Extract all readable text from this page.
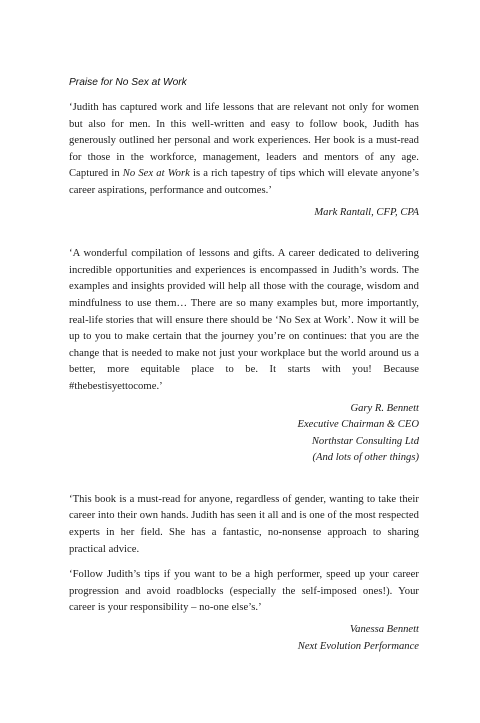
Praise for No Sex at Work

‘Judith has captured work and life lessons that are relevant not only for women but also for men. In this well-written and easy to follow book, Judith has generously outlined her personal and work experiences. Her book is a must-read for those in the workforce, management, leaders and mentors of any age. Captured in No Sex at Work is a rich tapestry of tips which will elevate anyone’s career aspirations, performance and outcomes.’

Mark Rantall, CFP, CPA

‘A wonderful compilation of lessons and gifts. A career dedicated to delivering incredible opportunities and experiences is encompassed in Judith’s words. The examples and insights provided will help all those with the courage, wisdom and mindfulness to use them… There are so many examples but, more importantly, real-life stories that will ensure there should be ‘No Sex at Work’. Now it will be up to you to make certain that the journey you’re on continues: that you are the change that is needed to make not just your workplace but the world around us a better, more equitable place to be. It starts with you! Because #thebestisyettocome.’

Gary R. Bennett

Executive Chairman & CEO

Northstar Consulting Ltd

(And lots of other things)

‘This book is a must-read for anyone, regardless of gender, wanting to take their career into their own hands. Judith has seen it all and is one of the most respected experts in her field. She has a fantastic, no-nonsense approach to sharing practical advice.

‘Follow Judith’s tips if you want to be a high performer, speed up your career progression and avoid roadblocks (especially the self-imposed ones!). Your career is your responsibility – no-one else’s.’

Vanessa Bennett

Next Evolution Performance
